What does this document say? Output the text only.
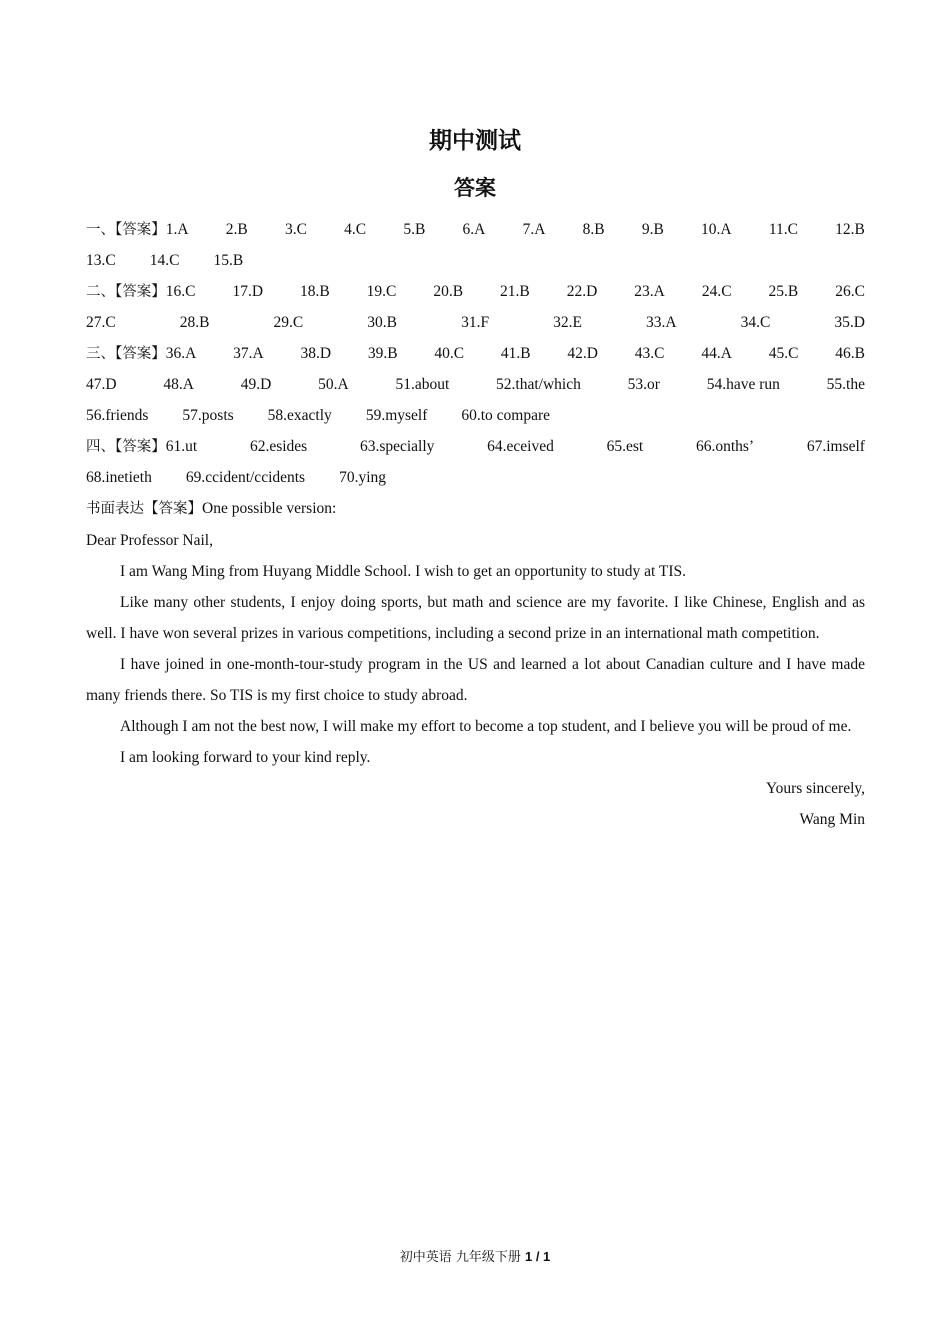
期中测试
答案
一、【答案】1.A 2.B 3.C 4.C 5.B 6.A 7.A 8.B 9.B 10.A 11.C 12.B
13.C 14.C 15.B
二、【答案】16.C 17.D 18.B 19.C 20.B 21.B 22.D 23.A 24.C 25.B 26.C
27.C	28.B	29.C	30.B	31.F	32.E	33.A	34.C	35.D
三、【答案】36.A 37.A 38.D 39.B 40.C 41.B 42.D 43.C 44.A 45.C 46.B
47.D	48.A	49.D	50.A	51.about	52.that/which	53.or	54.have run	55.the
56.friends 57.posts 58.exactly 59.myself 60.to compare
四、【答案】61.ut	62.esides	63.specially	64.eceived	65.est	66.onths’	67.imself
68.inetieth 69.ccident/ccidents 70.ying
书面表达【答案】One possible version:
Dear Professor Nail,
I am Wang Ming from Huyang Middle School. I wish to get an opportunity to study at TIS.
Like many other students, I enjoy doing sports, but math and science are my favorite. I like Chinese, English and as well. I have won several prizes in various competitions, including a second prize in an international math competition.
I have joined in one-month-tour-study program in the US and learned a lot about Canadian culture and I have made many friends there. So TIS is my first choice to study abroad.
Although I am not the best now, I will make my effort to become a top student, and I believe you will be proud of me.
I am looking forward to your kind reply.
Yours sincerely,
Wang Min
初中英语 九年级下册 1 / 1
